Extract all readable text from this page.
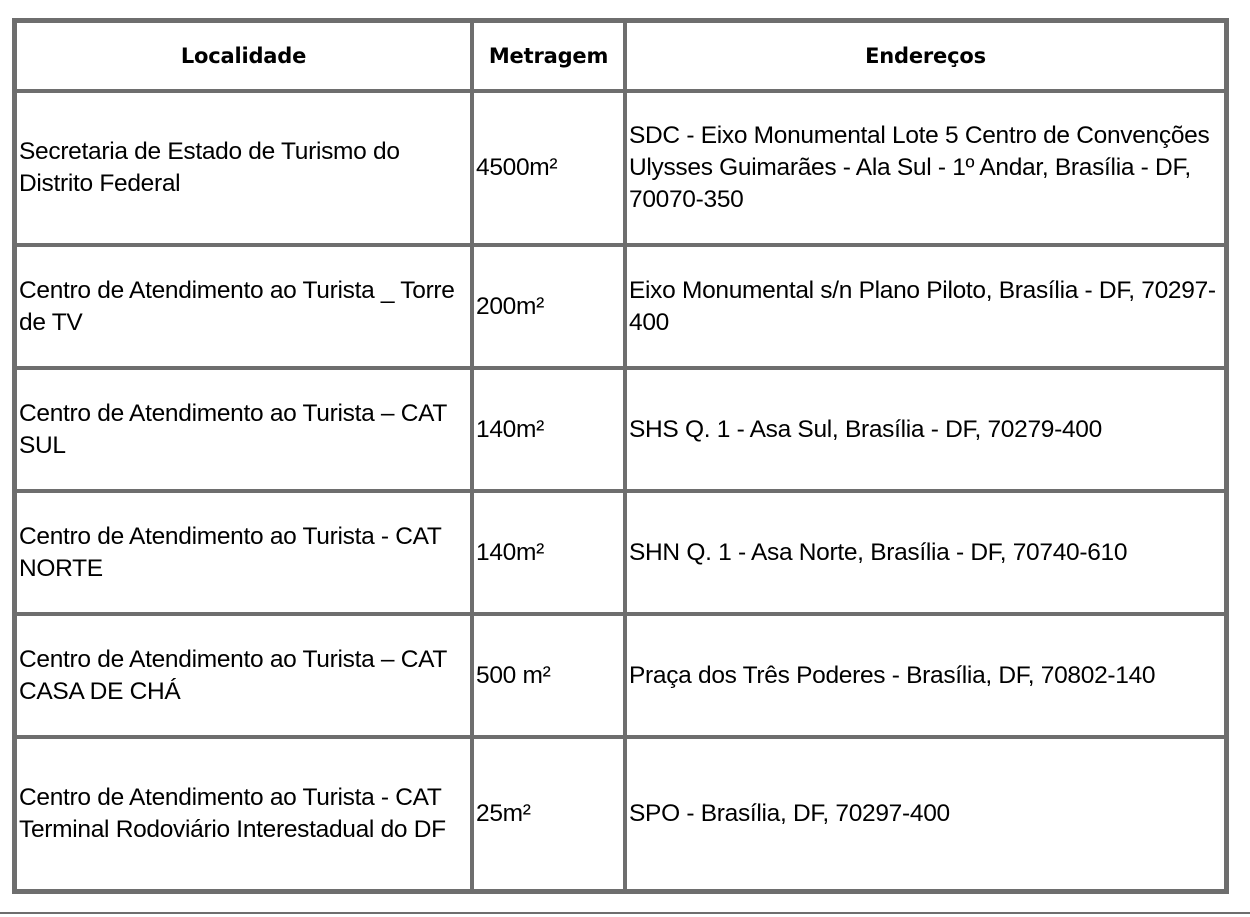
Localidade	Metragem	Endereços
Secretaria de Estado de Turismo do Distrito Federal	4500m²	SDC - Eixo Monumental Lote 5 Centro de Convenções Ulysses Guimarães - Ala Sul - 1º Andar, Brasília - DF, 70070-350
Centro de Atendimento ao Turista _ Torre de TV	200m²	Eixo Monumental s/n Plano Piloto, Brasília - DF, 70297-400
Centro de Atendimento ao Turista – CAT SUL	140m²	SHS Q. 1 - Asa Sul, Brasília - DF, 70279-400
Centro de Atendimento ao Turista - CAT NORTE	140m²	SHN Q. 1 - Asa Norte, Brasília - DF, 70740-610
Centro de Atendimento ao Turista – CAT CASA DE CHÁ	500 m²	Praça dos Três Poderes - Brasília, DF, 70802-140
Centro de Atendimento ao Turista - CAT Terminal Rodoviário Interestadual do DF	25m²	SPO - Brasília, DF, 70297-400
